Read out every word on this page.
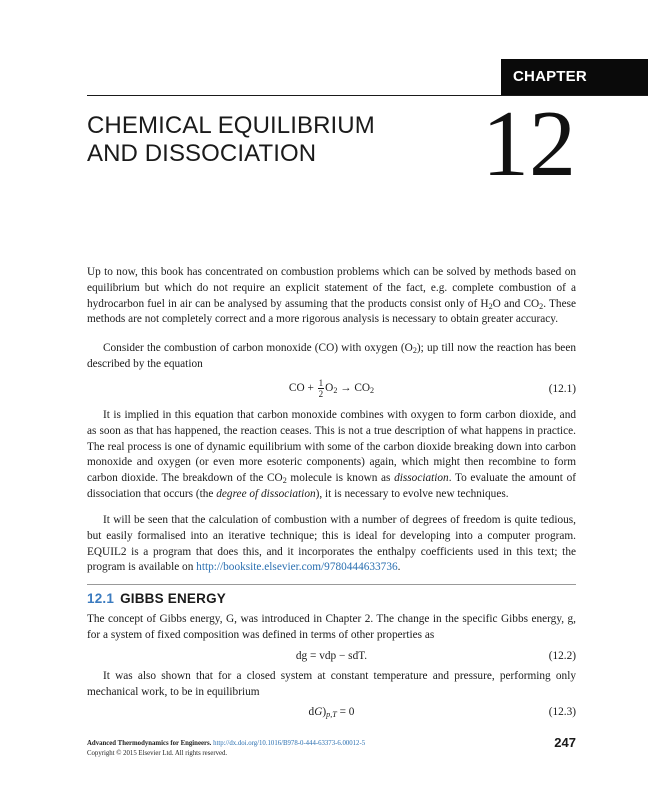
CHAPTER
CHEMICAL EQUILIBRIUM
AND DISSOCIATION	12

Up to now, this book has concentrated on combustion problems which can be solved by methods based on equilibrium but which do not require an explicit statement of the fact, e.g. complete combustion of a hydrocarbon fuel in air can be analysed by assuming that the products consist only of $H_2O$ and $CO_2$. These methods are not completely correct and a more rigorous analysis is necessary to obtain greater accuracy.

Consider the combustion of carbon monoxide (CO) with oxygen $(O_2)$; up till now the reaction has been described by the equation

CO + $\frac{1}{2} O_2 \to CO_2$	(12.1)

It is implied in this equation that carbon monoxide combines with oxygen to form carbon dioxide, and as soon as that has happened, the reaction ceases. This is not a true description of what happens in practice. The real process is one of dynamic equilibrium with some of the carbon dioxide breaking down into carbon monoxide and oxygen (or even more esoteric components) again, which might then recombine to form carbon dioxide. The breakdown of the $CO_2$ molecule is known as dissociation. To evaluate the amount of dissociation that occurs (the degree of dissociation), it is necessary to evolve new techniques.

It will be seen that the calculation of combustion with a number of degrees of freedom is quite tedious, but easily formalised into an iterative technique; this is ideal for developing into a computer program. EQUIL2 is a program that does this, and it incorporates the enthalpy coefficients used in this text; the program is available on http://booksite.elsevier.com/9780444633736.

12.1 GIBBS ENERGY

The concept of Gibbs energy, G, was introduced in Chapter 2. The change in the specific Gibbs energy, g, for a system of fixed composition was defined in terms of other properties as

dg = vdp − sdT.	(12.2)

It was also shown that for a closed system at constant temperature and pressure, performing only mechanical work, to be in equilibrium

$dG)_{p,T} = 0$	(12.3)
Advanced Thermodynamics for Engineers. http://dx.doi.org/10.1016/B978-0-444-63373-6.00012-5
Copyright © 2015 Elsevier Ltd. All rights reserved.
247
